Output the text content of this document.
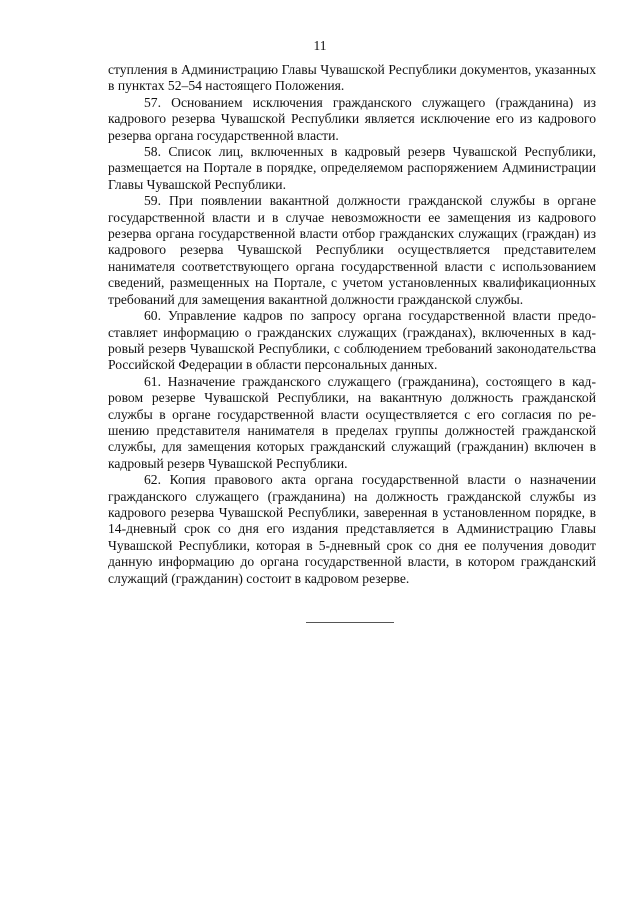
11

ступления в Администрацию Главы Чувашской Республики документов, указанных в пунктах 52–54 настоящего Положения.

57. Основанием исключения гражданского служащего (гражданина) из кадрового резерва Чувашской Республики является исключение его из кадрового резерва органа государственной власти.

58. Список лиц, включенных в кадровый резерв Чувашской Республики, размещается на Портале в порядке, определяемом распоряжением Администрации Главы Чувашской Республики.

59. При появлении вакантной должности гражданской службы в органе государственной власти и в случае невозможности ее замещения из кадрового резерва органа государственной власти отбор гражданских служащих (граждан) из кадрового резерва Чувашской Республики осуществляется представителем нанимателя соответствующего органа государственной власти с использованием сведений, размещенных на Портале, с учетом установленных квалификационных требований для замещения вакантной должности гражданской службы.

60. Управление кадров по запросу органа государственной власти предоставляет информацию о гражданских служащих (гражданах), включенных в кадровый резерв Чувашской Республики, с соблюдением требований законодательства Российской Федерации в области персональных данных.

61. Назначение гражданского служащего (гражданина), состоящего в кадровом резерве Чувашской Республики, на вакантную должность гражданской службы в органе государственной власти осуществляется с его согласия по решению представителя нанимателя в пределах группы должностей гражданской службы, для замещения которых гражданский служащий (гражданин) включен в кадровый резерв Чувашской Республики.

62. Копия правового акта органа государственной власти о назначении гражданского служащего (гражданина) на должность гражданской службы из кадрового резерва Чувашской Республики, заверенная в установленном порядке, в 14-дневный срок со дня его издания представляется в Администрацию Главы Чувашской Республики, которая в 5-дневный срок со дня ее получения доводит данную информацию до органа государственной власти, в котором гражданский служащий (гражданин) состоит в кадровом резерве.
